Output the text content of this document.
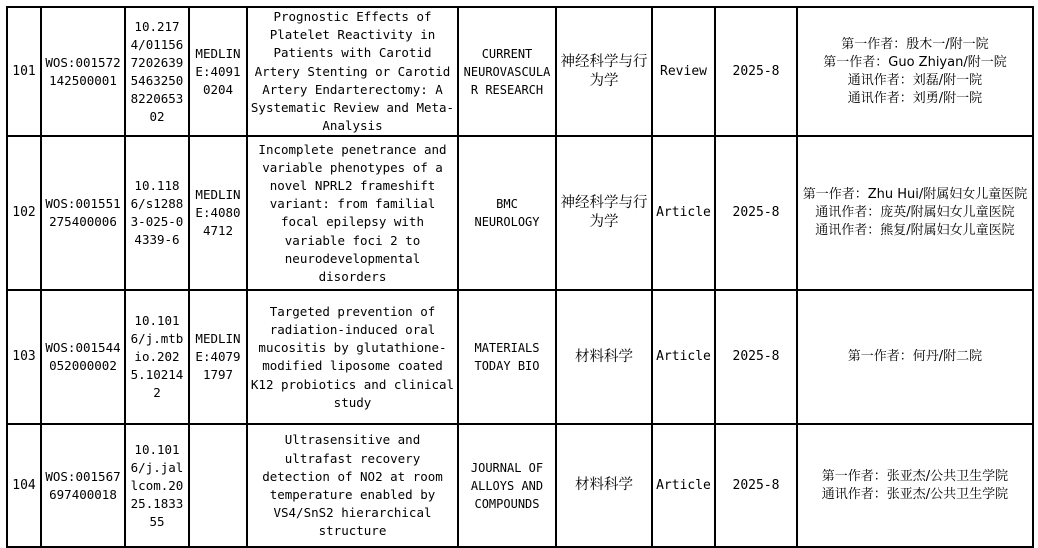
101	WOS:001572142500001	10.2174/0115672026395463250822065302	MEDLINE:40910204	Prognostic Effects of Platelet Reactivity in Patients with Carotid Artery Stenting or Carotid Artery Endarterectomy: A Systematic Review and Meta-Analysis	CURRENT NEUROVASCULAR RESEARCH	神经科学与行为学	Review	2025-8	第一作者：殷木一/附一院
第一作者：Guo Zhiyan/附一院
通讯作者：刘磊/附一院
通讯作者：刘勇/附一院

102	WOS:001551275400006	10.1186/s12883-025-04339-6	MEDLINE:40804712	Incomplete penetrance and variable phenotypes of a novel NPRL2 frameshift variant: from familial focal epilepsy with variable foci 2 to neurodevelopmental disorders	BMC NEUROLOGY	神经科学与行为学	Article	2025-8	第一作者：Zhu Hui/附属妇女儿童医院
通讯作者：庞英/附属妇女儿童医院
通讯作者：熊复/附属妇女儿童医院

103	WOS:001544052000002	10.1016/j.mtbio.2025.102142	MEDLINE:40791797	Targeted prevention of radiation-induced oral mucositis by glutathione-modified liposome coated K12 probiotics and clinical study	MATERIALS TODAY BIO	材料科学	Article	2025-8	第一作者：何丹/附二院

104	WOS:001567697400018	10.1016/j.jallcom.2025.183355		Ultrasensitive and ultrafast recovery detection of NO2 at room temperature enabled by VS4/SnS2 hierarchical structure	JOURNAL OF ALLOYS AND COMPOUNDS	材料科学	Article	2025-8	第一作者：张亚杰/公共卫生学院
通讯作者：张亚杰/公共卫生学院
